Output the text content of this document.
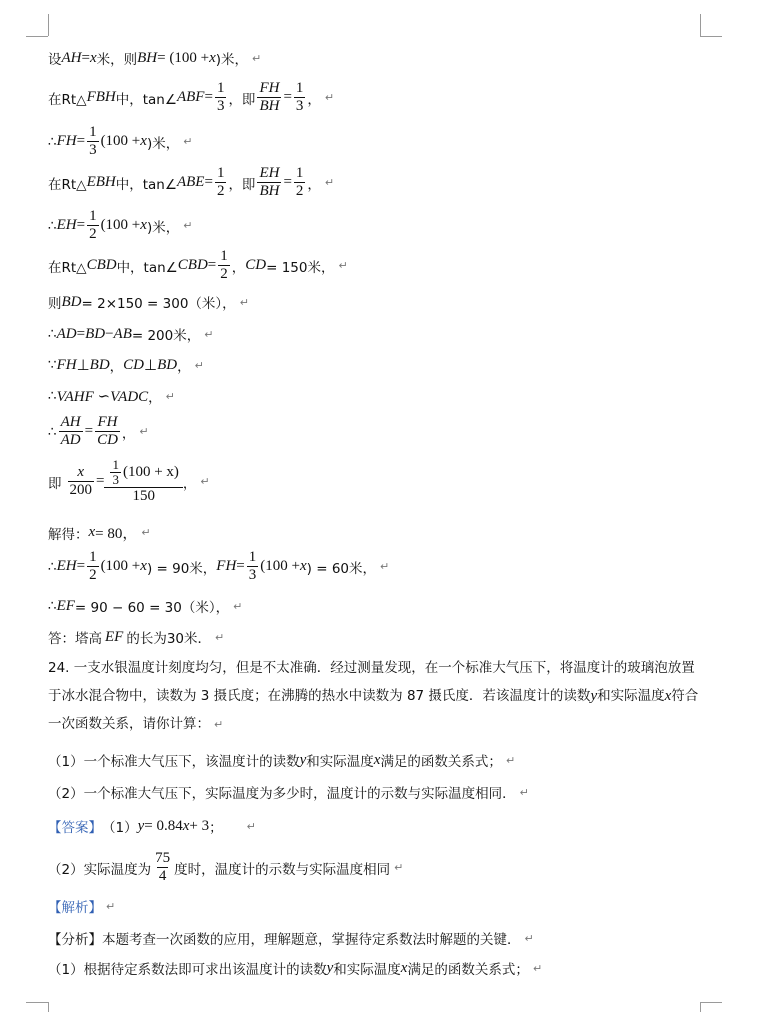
设 AH = x 米，则 BH = (100 + x )米， ↵
在Rt△ FBH 中，tan∠ ABF = $\frac{1}{3}$ ，即 $\frac{FH}{BH} = \frac{1}{3}$ ， ↵
∴ FH = $\frac{1}{3} (100 + x$ )米， ↵
在Rt△ EBH 中，tan∠ ABE = $\frac{1}{2}$ ，即 $\frac{EH}{BH} = \frac{1}{2}$ ， ↵
∴ EH = $\frac{1}{2} (100 + x$ )米， ↵
在Rt△ CBD 中，tan∠ CBD = $\frac{1}{2}$ ， CD = 150米， ↵
则 BD = 2×150 = 300（米）， ↵
∴ AD = BD − AB = 200米， ↵
∵ FH ⊥ BD ， CD ⊥ BD ， ↵
∴ VAHF ∽VADC ， ↵
∴ $\frac{AH}{AD} = \frac{FH}{CD}$ ， ↵
即 $\frac{x}{200} = \frac{\frac{1}{3} (100 + x)}{150}$ ， ↵
解得： x = 80， ↵
∴ EH = $\frac{1}{2} (100 + x$ ) = 90米， FH = $\frac{1}{3} (100 + x$ ) = 60米， ↵
∴ EF = 90 − 60 = 30（米）， ↵
答：塔高 EF 的长为30米． ↵
24. 一支水银温度计刻度均匀，但是不太准确．经过测量发现，在一个标准大气压下，将温度计的玻璃泡放置于冰水混合物中，读数为 3 摄氏度；在沸腾的热水中读数为 87 摄氏度．若该温度计的读数y和实际温度x符合一次函数关系，请你计算： ↵
（1）一个标准大气压下，该温度计的读数 y 和实际温度 x 满足的函数关系式； ↵
（2）一个标准大气压下，实际温度为多少时，温度计的示数与实际温度相同． ↵
【答案】 （1） y = 0.84 x + 3 ； ↵
（2）实际温度为 $\frac{75}{4}$ 度时，温度计的示数与实际温度相同 ↵
【解析】 ↵
【分析】本题考查一次函数的应用，理解题意，掌握待定系数法时解题的关键． ↵
（1）根据待定系数法即可求出该温度计的读数 y 和实际温度 x 满足的函数关系式； ↵
